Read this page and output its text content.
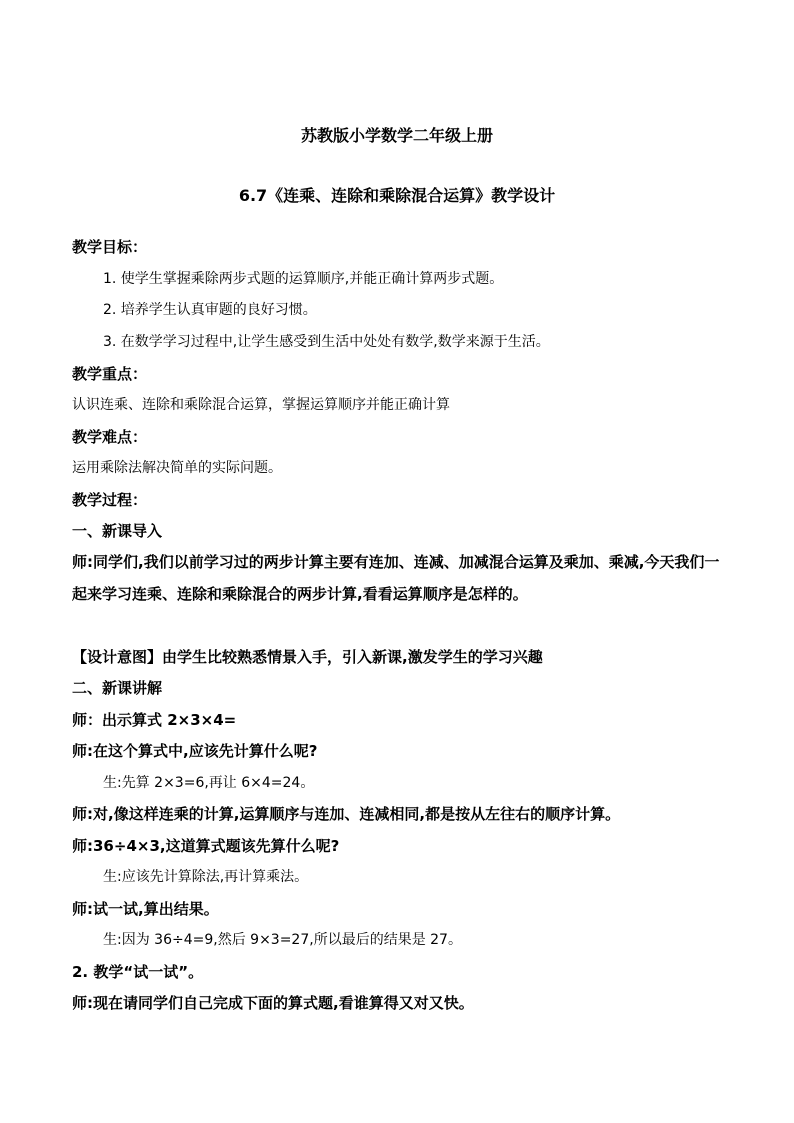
苏教版小学数学二年级上册
6.7《连乘、连除和乘除混合运算》教学设计
教学目标：
1. 使学生掌握乘除两步式题的运算顺序,并能正确计算两步式题。
2. 培养学生认真审题的良好习惯。
3. 在数学学习过程中,让学生感受到生活中处处有数学,数学来源于生活。
教学重点：
认识连乘、连除和乘除混合运算，掌握运算顺序并能正确计算
教学难点：
运用乘除法解决简单的实际问题。
教学过程：
一、新课导入
师:同学们,我们以前学习过的两步计算主要有连加、连减、加减混合运算及乘加、乘减,今天我们一起来学习连乘、连除和乘除混合的两步计算,看看运算顺序是怎样的。
【设计意图】由学生比较熟悉情景入手，引入新课,激发学生的学习兴趣
二、新课讲解
师：出示算式 2×3×4=
师:在这个算式中,应该先计算什么呢?
生:先算 2×3=6,再让 6×4=24。
师:对,像这样连乘的计算,运算顺序与连加、连减相同,都是按从左往右的顺序计算。
师:36÷4×3,这道算式题该先算什么呢?
生:应该先计算除法,再计算乘法。
师:试一试,算出结果。
生:因为 36÷4=9,然后 9×3=27,所以最后的结果是 27。
2. 教学“试一试”。
师:现在请同学们自己完成下面的算式题,看谁算得又对又快。
